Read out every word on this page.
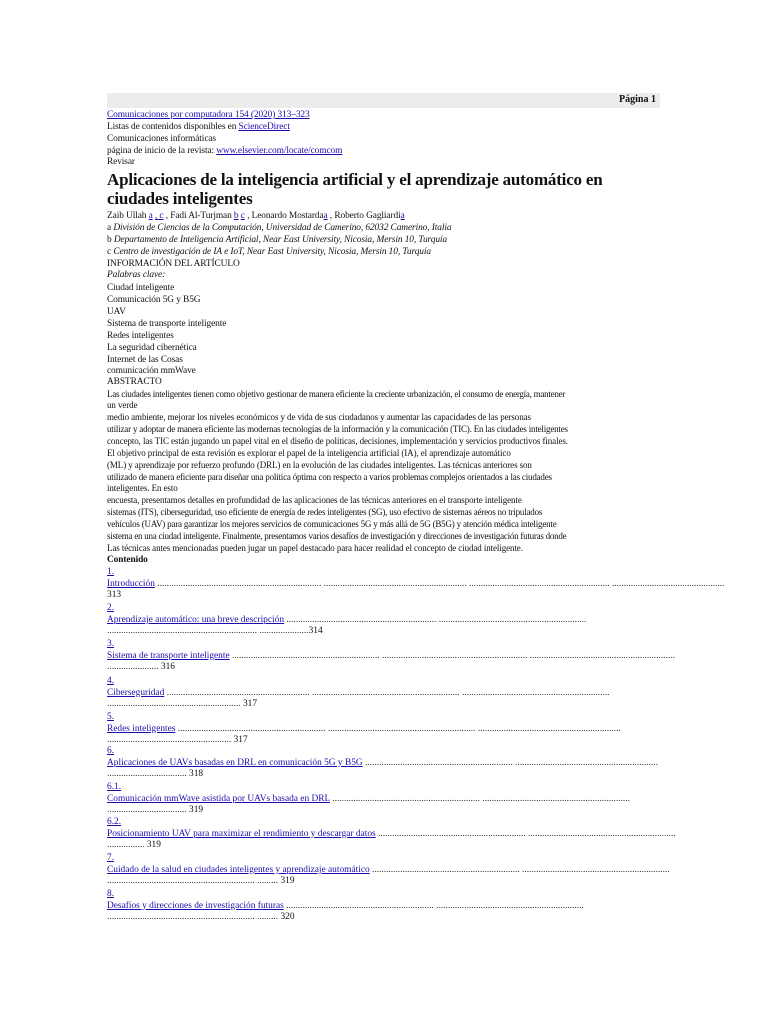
Página 1
Comunicaciones por computadora 154 (2020) 313–323
Listas de contenidos disponibles en ScienceDirect
Comunicaciones informáticas
página de inicio de la revista: www.elsevier.com/locate/comcom
Revisar
Aplicaciones de la inteligencia artificial y el aprendizaje automático en ciudades inteligentes
Zaib Ullah a , c , Fadi Al-Turjman b c , Leonardo Mostardaa , Roberto Gagliardia
a División de Ciencias de la Computación, Universidad de Camerino, 62032 Camerino, Italia
b Departamento de Inteligencia Artificial, Near East University, Nicosia, Mersin 10, Turquía
c Centro de investigación de IA e IoT, Near East University, Nicosia, Mersin 10, Turquía
INFORMACIÓN DEL ARTÍCULO
Palabras clave:
Ciudad inteligente
Comunicación 5G y B5G
UAV
Sistema de transporte inteligente
Redes inteligentes
La seguridad cibernética
Internet de las Cosas
comunicación mmWave
ABSTRACTO
Las ciudades inteligentes tienen como objetivo gestionar de manera eficiente la creciente urbanización, el consumo de energía, mantener
un verde
medio ambiente, mejorar los niveles económicos y de vida de sus ciudadanos y aumentar las capacidades de las personas
utilizar y adoptar de manera eficiente las modernas tecnologías de la información y la comunicación (TIC). En las ciudades inteligentes
concepto, las TIC están jugando un papel vital en el diseño de políticas, decisiones, implementación y servicios productivos finales.
El objetivo principal de esta revisión es explorar el papel de la inteligencia artificial (IA), el aprendizaje automático
(ML) y aprendizaje por refuerzo profundo (DRL) en la evolución de las ciudades inteligentes. Las técnicas anteriores son
utilizado de manera eficiente para diseñar una política óptima con respecto a varios problemas complejos orientados a las ciudades
inteligentes. En esto
encuesta, presentamos detalles en profundidad de las aplicaciones de las técnicas anteriores en el transporte inteligente
sistemas (ITS), ciberseguridad, uso eficiente de energía de redes inteligentes (SG), uso efectivo de sistemas aéreos no tripulados
vehículos (UAV) para garantizar los mejores servicios de comunicaciones 5G y más allá de 5G (B5G) y atención médica inteligente
sistema en una ciudad inteligente. Finalmente, presentamos varios desafíos de investigación y direcciones de investigación futuras donde
Las técnicas antes mencionadas pueden jugar un papel destacado para hacer realidad el concepto de ciudad inteligente.
Contenido
1.
Introducción ...................................................................... ............................................................. ............................................................ ................................................
313
2.
Aprendizaje automático: una breve descripción ................................................................ ...............................................................
................................................................ .....................314
3.
Sistema de transporte inteligente ............................................................... .............................................................. ..............................................................
...................... 316
4.
Ciberseguridad ............................................................. ............................................................... ...............................................................
......................................................... 317
5.
Redes inteligentes ............................................................... ............................................................... .............................................................
..................................................... 317
6.
Aplicaciones de UAVs basadas en DRL en comunicación 5G y B5G ............................................................... .............................................................
.................................. 318
6.1.
Comunicación mmWave asistida por UAVs basada en DRL ............................................................... ...............................................................
.................................. 319
6.2.
Posicionamiento UAV para maximizar el rendimiento y descargar datos ............................................................... ...............................................................
................ 319
7.
Cuidado de la salud en ciudades inteligentes y aprendizaje automático ............................................................... ...............................................................
............................................................... ......... 319
8.
Desafíos y direcciones de investigación futuras ............................................................... ...............................................................
............................................................... ......... 320
